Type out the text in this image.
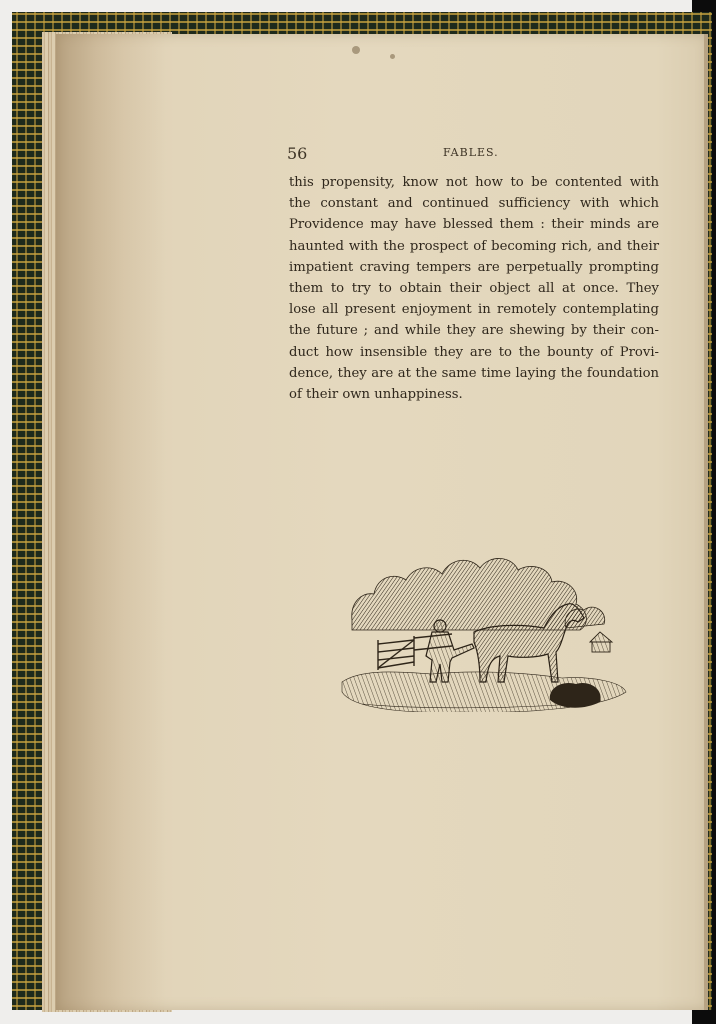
56	FABLES.
this propensity, know not how to be contented with
the constant and continued sufficiency with which
Providence may have blessed them : their minds are
haunted with the prospect of becoming rich, and their
impatient craving tempers are perpetually prompting
them to try to obtain their object all at once. They
lose all present enjoyment in remotely contemplating
the future ; and while they are shewing by their con-
duct how insensible they are to the bounty of Provi-
dence, they are at the same time laying the foundation
of their own unhappiness.
